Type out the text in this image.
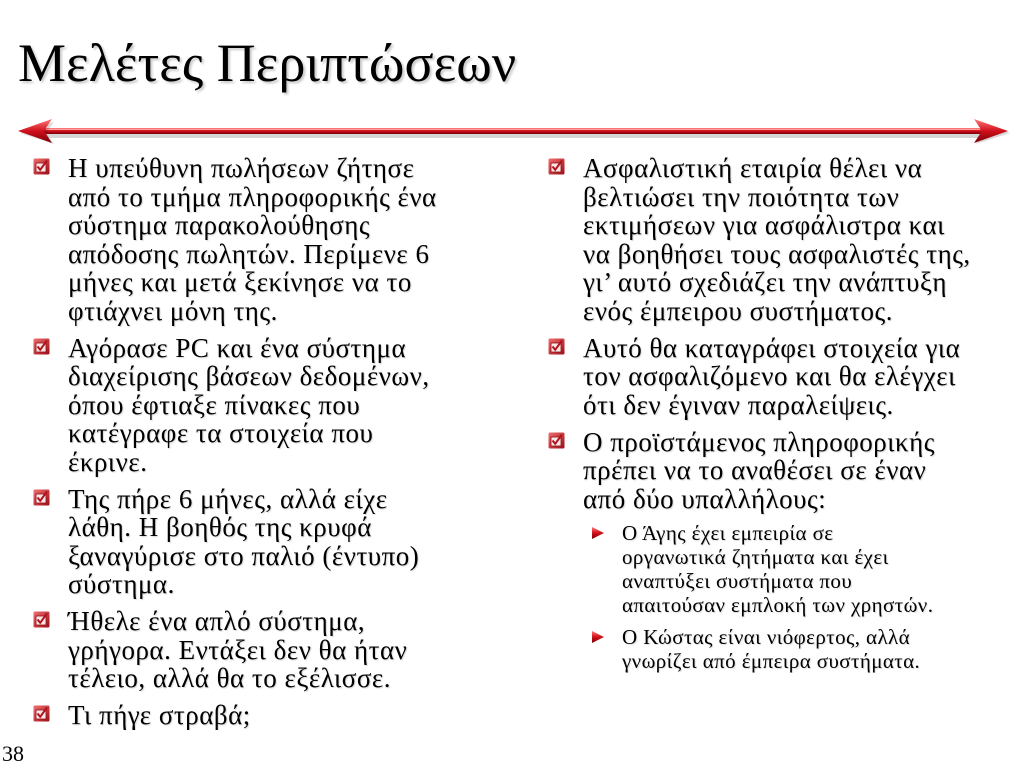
Μελέτες Περιπτώσεων
Η υπεύθυνη πωλήσεων ζήτησε
από το τμήμα πληροφορικής ένα
σύστημα παρακολούθησης
απόδοσης πωλητών. Περίμενε 6
μήνες και μετά ξεκίνησε να το
φτιάχνει μόνη της.
Αγόρασε PC και ένα σύστημα
διαχείρισης βάσεων δεδομένων,
όπου έφτιαξε πίνακες που
κατέγραφε τα στοιχεία που
έκρινε.
Της πήρε 6 μήνες, αλλά είχε
λάθη. Η βοηθός της κρυφά
ξαναγύρισε στο παλιό (έντυπο)
σύστημα.
Ήθελε ένα απλό σύστημα,
γρήγορα. Εντάξει δεν θα ήταν
τέλειο, αλλά θα το εξέλισσε.
Τι πήγε στραβά;
Ασφαλιστική εταιρία θέλει να
βελτιώσει την ποιότητα των
εκτιμήσεων για ασφάλιστρα και
να βοηθήσει τους ασφαλιστές της,
γι’ αυτό σχεδιάζει την ανάπτυξη
ενός έμπειρου συστήματος.
Αυτό θα καταγράφει στοιχεία για
τον ασφαλιζόμενο και θα ελέγχει
ότι δεν έγιναν παραλείψεις.
Ο προϊστάμενος πληροφορικής
πρέπει να το αναθέσει σε έναν
από δύο υπαλλήλους:
Ο Άγης έχει εμπειρία σε
οργανωτικά ζητήματα και έχει
αναπτύξει συστήματα που
απαιτούσαν εμπλοκή των χρηστών.
Ο Κώστας είναι νιόφερτος, αλλά
γνωρίζει από έμπειρα συστήματα.
38
